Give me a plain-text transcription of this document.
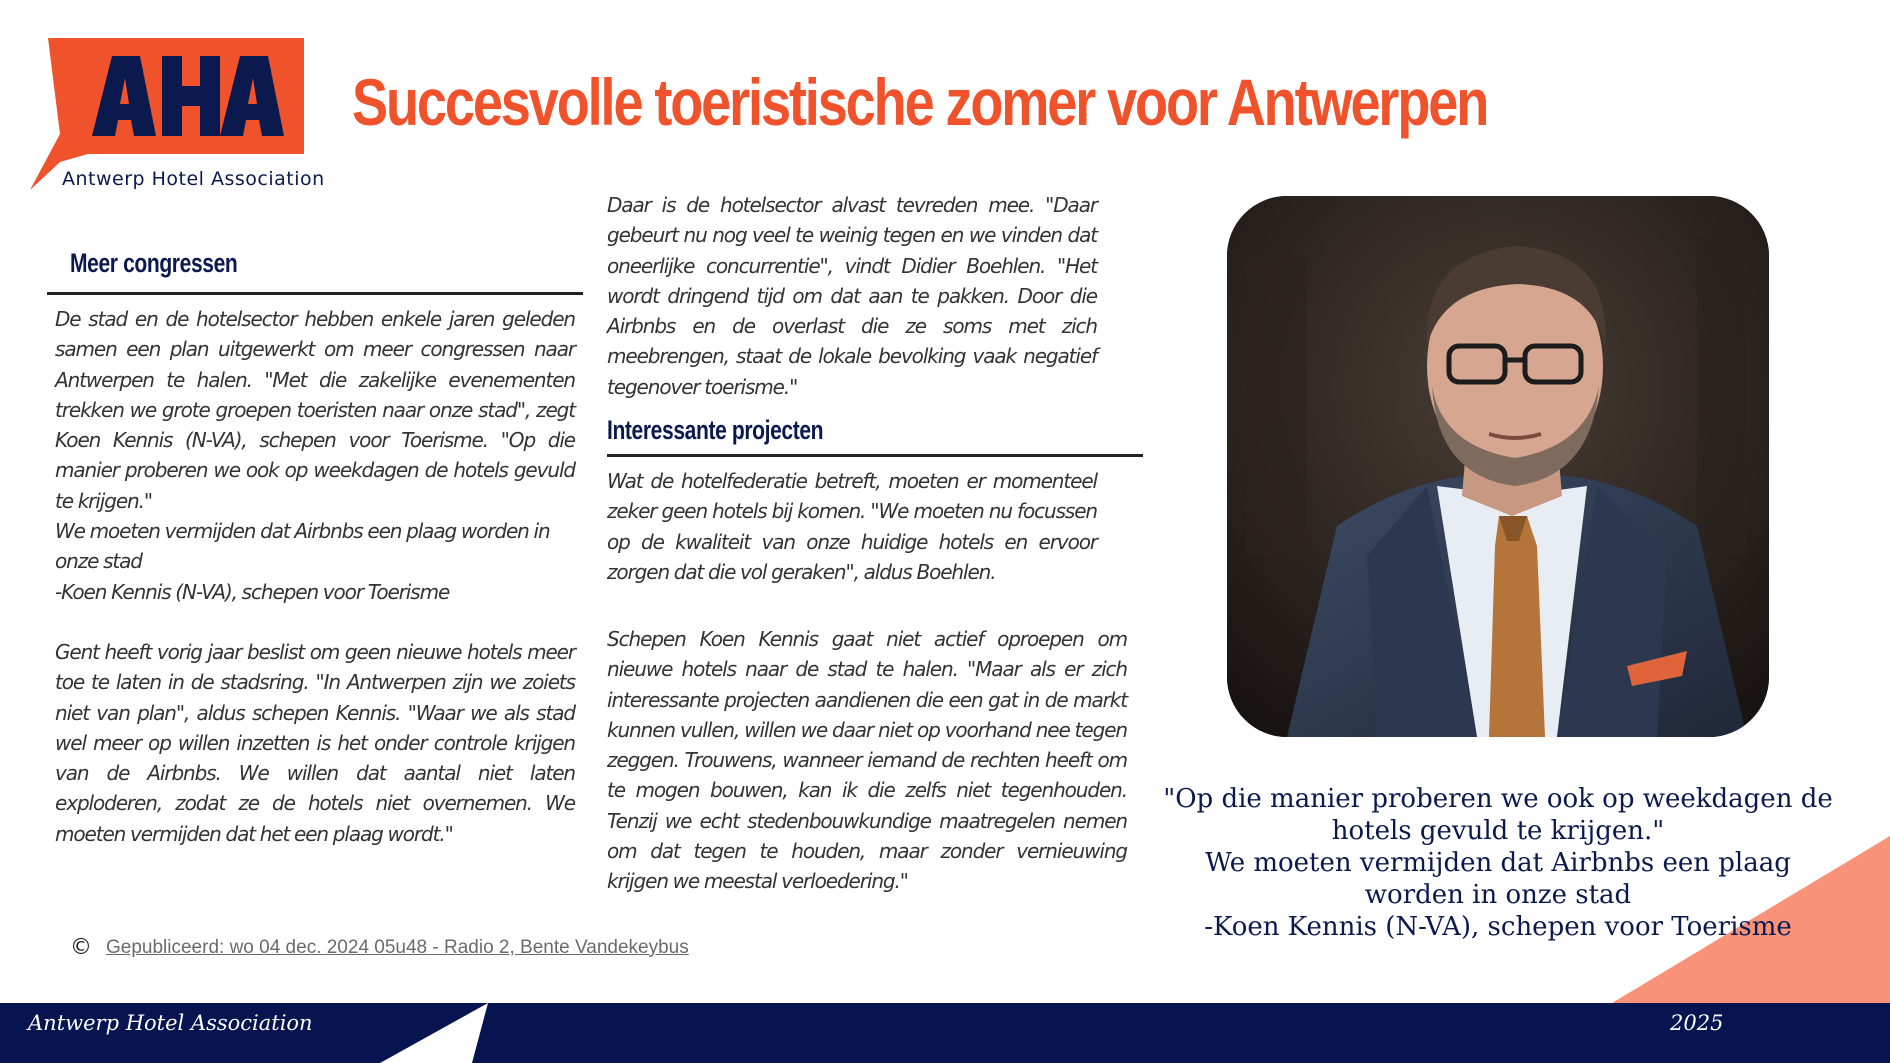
Antwerp Hotel Association
Succesvolle toeristische zomer voor Antwerpen
Meer congressen

De stad en de hotelsector hebben enkele jaren geleden samen een plan uitgewerkt om meer congressen naar Antwerpen te halen. "Met die zakelijke evenementen trekken we grote groepen toeristen naar onze stad", zegt Koen Kennis (N-VA), schepen voor Toerisme. "Op die manier proberen we ook op weekdagen de hotels gevuld te krijgen."

We moeten vermijden dat Airbnbs een plaag worden in onze stad

-Koen Kennis (N-VA), schepen voor Toerisme

Gent heeft vorig jaar beslist om geen nieuwe hotels meer toe te laten in de stadsring. "In Antwerpen zijn we zoiets niet van plan", aldus schepen Kennis. "Waar we als stad wel meer op willen inzetten is het onder controle krijgen van de Airbnbs. We willen dat aantal niet laten exploderen, zodat ze de hotels niet overnemen. We moeten vermijden dat het een plaag wordt."

Daar is de hotelsector alvast tevreden mee. "Daar gebeurt nu nog veel te weinig tegen en we vinden dat oneerlijke concurrentie", vindt Didier Boehlen. "Het wordt dringend tijd om dat aan te pakken. Door die Airbnbs en de overlast die ze soms met zich meebrengen, staat de lokale bevolking vaak negatief tegenover toerisme."
Interessante projecten
Wat de hotelfederatie betreft, moeten er momenteel zeker geen hotels bij komen. "We moeten nu focussen op de kwaliteit van onze huidige hotels en ervoor zorgen dat die vol geraken", aldus Boehlen.
Schepen Koen Kennis gaat niet actief oproepen om nieuwe hotels naar de stad te halen. "Maar als er zich interessante projecten aandienen die een gat in de markt kunnen vullen, willen we daar niet op voorhand nee tegen zeggen. Trouwens, wanneer iemand de rechten heeft om te mogen bouwen, kan ik die zelfs niet tegenhouden. Tenzij we echt stedenbouwkundige maatregelen nemen om dat tegen te houden, maar zonder vernieuwing krijgen we meestal verloedering."
"Op die manier proberen we ook op weekdagen de
hotels gevuld te krijgen."
We moeten vermijden dat Airbnbs een plaag
worden in onze stad
-Koen Kennis (N-VA), schepen voor Toerisme
© Gepubliceerd: wo 04 dec. 2024 05u48 - Radio 2, Bente Vandekeybus
Antwerp Hotel Association	2025
